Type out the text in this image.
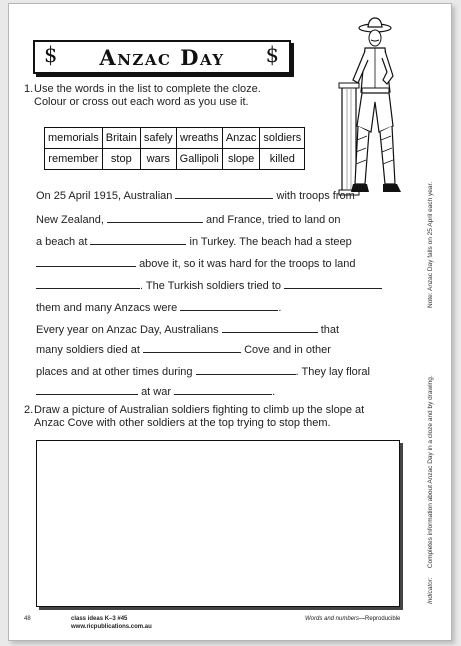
$ Anzac Day $
1. Use the words in the list to complete the cloze.
Colour or cross out each word as you use it.
memorials	Britain	safely	wreaths	Anzac	soldiers
remember	stop	wars	Gallipoli	slope	killed
On 25 April 1915, Australian	with troops from
New Zealand,	and France, tried to land on
a beach at	in Turkey. The beach had a steep
above it, so it was hard for the troops to land
. The Turkish soldiers tried to
them and many Anzacs were	.
Every year on Anzac Day, Australians	that
many soldiers died at	Cove and in other
places and at other times during	. They lay floral
at war	.
2. Draw a picture of Australian soldiers fighting to climb up the slope at
Anzac Cove with other soldiers at the top trying to stop them.
Note: Anzac Day falls on 25 April each year.
Indicator:     Completes information about Anzac Day in a cloze and by drawing.
48	class ideas K–3 #45
www.ricpublications.com.au
Words and numbers—Reproducible
